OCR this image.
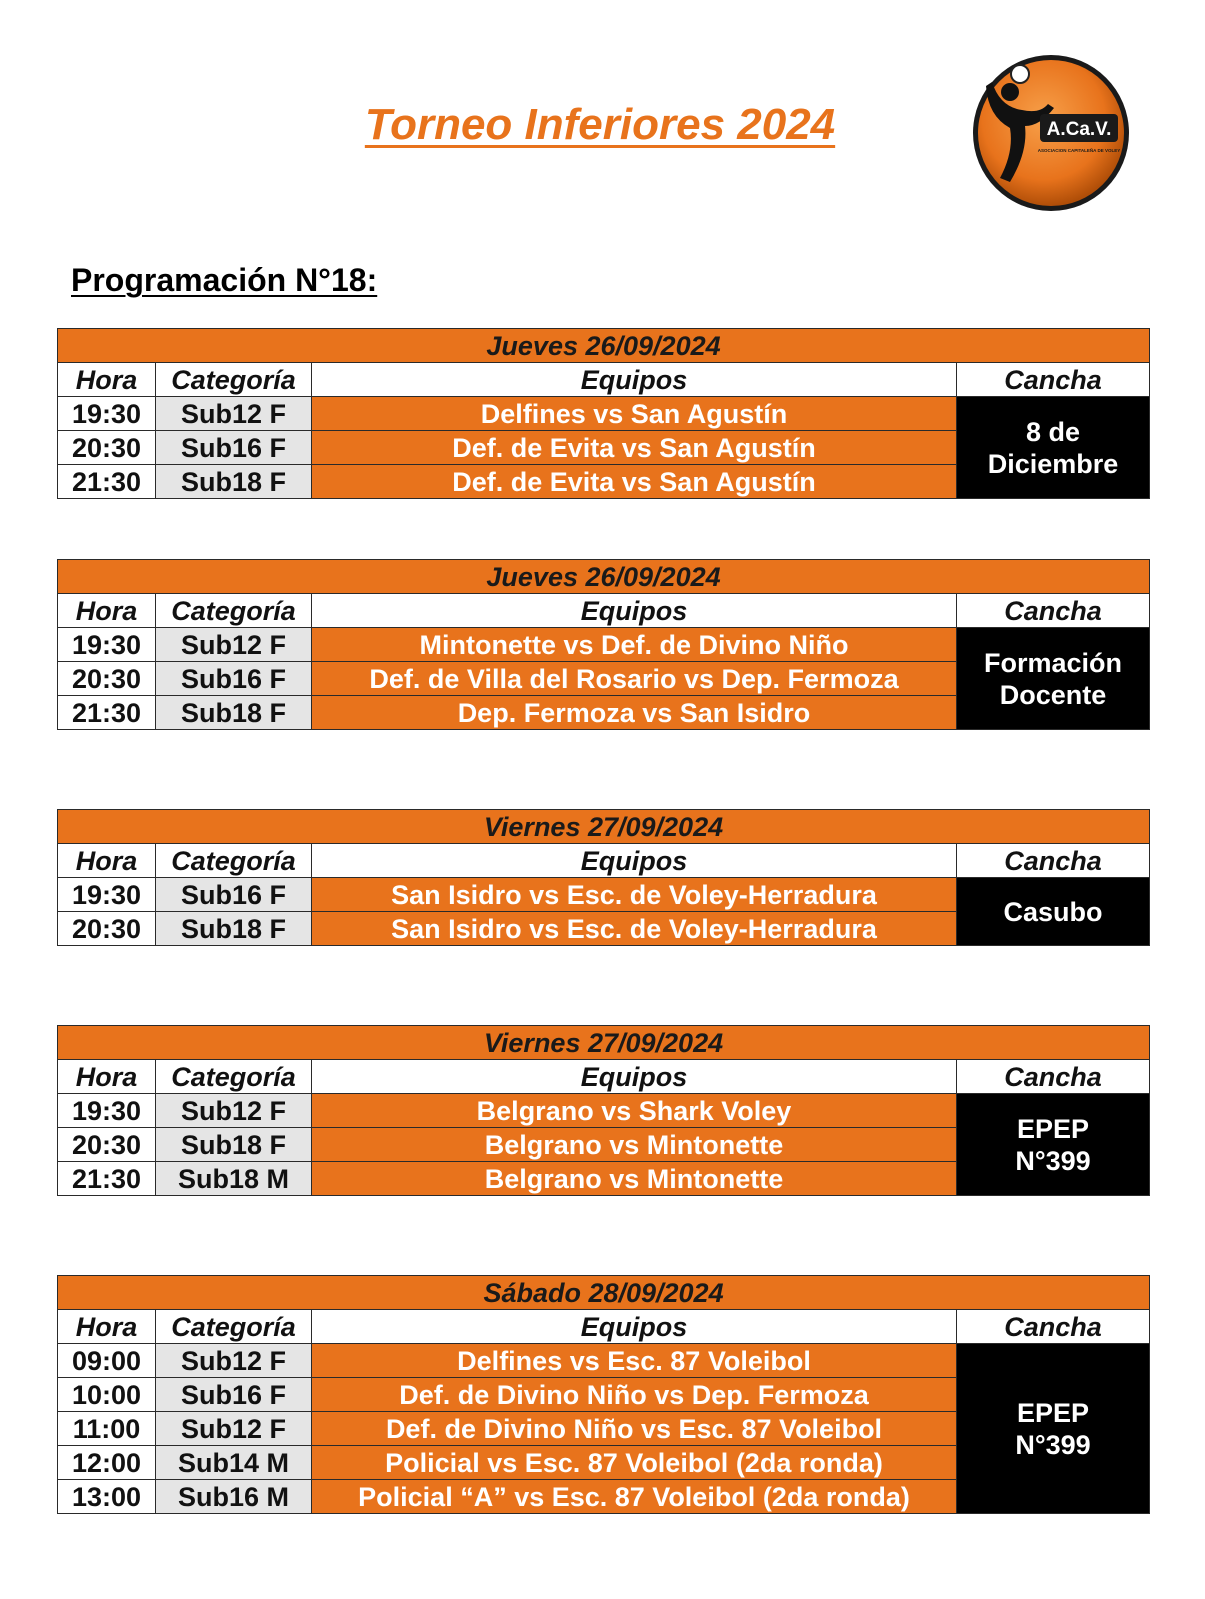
Torneo Inferiores 2024	A.Ca.V.
ASOCIACION CAPITALEÑA DE VOLEY
Programación N°18:
Jueves 26/09/2024			
Hora	Categoría	Equipos	Cancha
19:30	Sub12 F	Delfines vs San Agustín	8 de
Diciembre

20:30	Sub16 F	Def. de Evita vs San Agustín	
21:30	Sub18 F	Def. de Evita vs San Agustín	
Jueves 26/09/2024			
Hora	Categoría	Equipos	Cancha
19:30	Sub12 F	Mintonette vs Def. de Divino Niño	Formación
Docente

20:30	Sub16 F	Def. de Villa del Rosario vs Dep. Fermoza	
21:30	Sub18 F	Dep. Fermoza vs San Isidro	
Viernes 27/09/2024			
Hora	Categoría	Equipos	Cancha
19:30	Sub16 F	San Isidro vs Esc. de Voley-Herradura	Casubo

20:30	Sub18 F	San Isidro vs Esc. de Voley-Herradura	
Viernes 27/09/2024			
Hora	Categoría	Equipos	Cancha
19:30	Sub12 F	Belgrano vs Shark Voley	EPEP
N°399

20:30	Sub18 F	Belgrano vs Mintonette	
21:30	Sub18 M	Belgrano vs Mintonette	
Sábado 28/09/2024			
Hora	Categoría	Equipos	Cancha
09:00	Sub12 F	Delfines vs Esc. 87 Voleibol	EPEP
N°399

10:00	Sub16 F	Def. de Divino Niño vs Dep. Fermoza	
11:00	Sub12 F	Def. de Divino Niño vs Esc. 87 Voleibol	
12:00	Sub14 M	Policial vs Esc. 87 Voleibol (2da ronda)	
13:00	Sub16 M	Policial “A” vs Esc. 87 Voleibol (2da ronda)	
